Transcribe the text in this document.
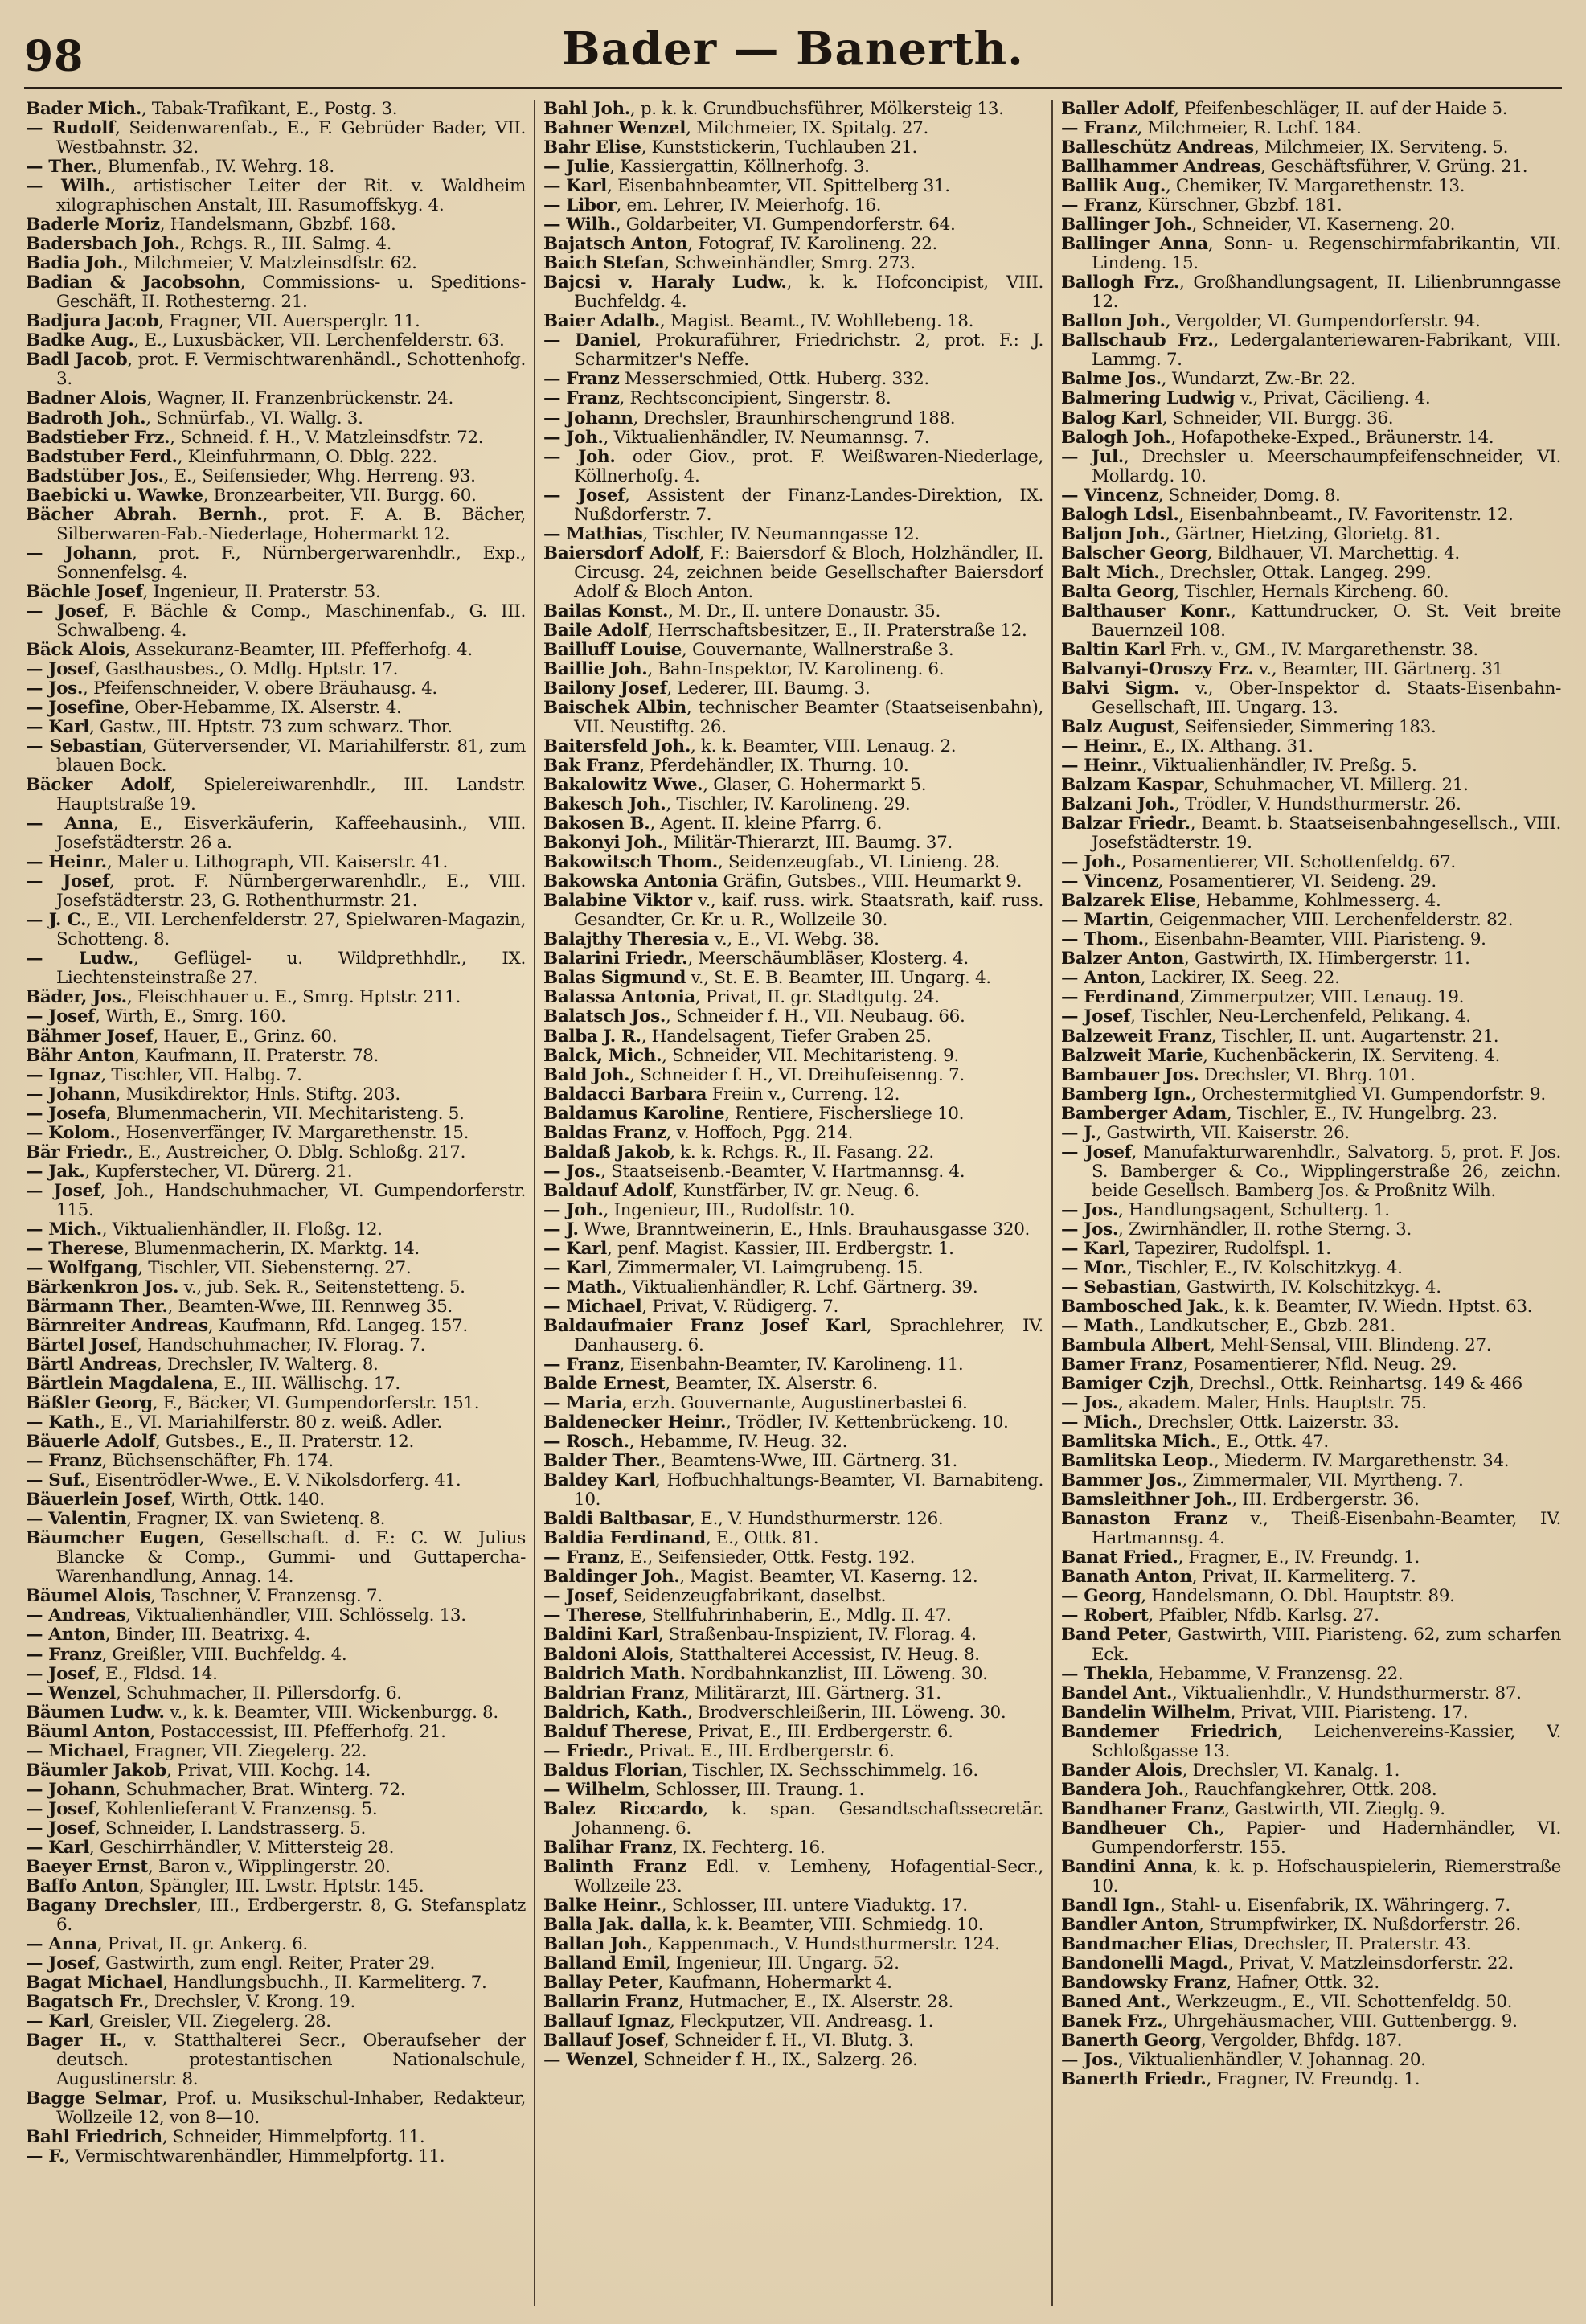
98	Bader — Banerth.

Bader Mich., Tabak-Trafikant, E., Postg. 3.

— Rudolf, Seidenwarenfab., E., F. Gebrüder Bader, VII. Westbahnstr. 32.

— Ther., Blumenfab., IV. Wehrg. 18.

— Wilh., artistischer Leiter der Rit. v. Waldheim xilographischen Anstalt, III. Rasumoffskyg. 4.

Baderle Moriz, Handelsmann, Gbzbf. 168.

Badersbach Joh., Rchgs. R., III. Salmg. 4.

Badia Joh., Milchmeier, V. Matzleinsdfstr. 62.

Badian & Jacobsohn, Commissions- u. Speditions-Geschäft, II. Rothesterng. 21.

Badjura Jacob, Fragner, VII. Auersperglr. 11.

Badke Aug., E., Luxusbäcker, VII. Lerchenfelderstr. 63.

Badl Jacob, prot. F. Vermischtwarenhändl., Schottenhofg. 3.

Badner Alois, Wagner, II. Franzenbrückenstr. 24.

Badroth Joh., Schnürfab., VI. Wallg. 3.

Badstieber Frz., Schneid. f. H., V. Matzleinsdfstr. 72.

Badstuber Ferd., Kleinfuhrmann, O. Dblg. 222.

Badstüber Jos., E., Seifensieder, Whg. Herreng. 93.

Baebicki u. Wawke, Bronzearbeiter, VII. Burgg. 60.

Bächer Abrah. Bernh., prot. F. A. B. Bächer, Silberwaren-Fab.-Niederlage, Hohermarkt 12.

— Johann, prot. F., Nürnbergerwarenhdlr., Exp., Sonnenfelsg. 4.

Bächle Josef, Ingenieur, II. Praterstr. 53.

— Josef, F. Bächle & Comp., Maschinenfab., G. III. Schwalbeng. 4.

Bäck Alois, Assekuranz-Beamter, III. Pfefferhofg. 4.

— Josef, Gasthausbes., O. Mdlg. Hptstr. 17.

— Jos., Pfeifenschneider, V. obere Bräuhausg. 4.

— Josefine, Ober-Hebamme, IX. Alserstr. 4.

— Karl, Gastw., III. Hptstr. 73 zum schwarz. Thor.

— Sebastian, Güterversender, VI. Mariahilferstr. 81, zum blauen Bock.

Bäcker Adolf, Spielereiwarenhdlr., III. Landstr. Hauptstraße 19.

— Anna, E., Eisverkäuferin, Kaffeehausinh., VIII. Josefstädterstr. 26 a.

— Heinr., Maler u. Lithograph, VII. Kaiserstr. 41.

— Josef, prot. F. Nürnbergerwarenhdlr., E., VIII. Josefstädterstr. 23, G. Rothenthurmstr. 21.

— J. C., E., VII. Lerchenfelderstr. 27, Spielwaren-Magazin, Schotteng. 8.

— Ludw., Geflügel- u. Wildprethhdlr., IX. Liechtensteinstraße 27.

Bäder, Jos., Fleischhauer u. E., Smrg. Hptstr. 211.

— Josef, Wirth, E., Smrg. 160.

Bähmer Josef, Hauer, E., Grinz. 60.

Bähr Anton, Kaufmann, II. Praterstr. 78.

— Ignaz, Tischler, VII. Halbg. 7.

— Johann, Musikdirektor, Hnls. Stiftg. 203.

— Josefa, Blumenmacherin, VII. Mechitaristeng. 5.

— Kolom., Hosenverfänger, IV. Margarethenstr. 15.

Bär Friedr., E., Austreicher, O. Dblg. Schloßg. 217.

— Jak., Kupferstecher, VI. Dürerg. 21.

— Josef, Joh., Handschuhmacher, VI. Gumpendorferstr. 115.

— Mich., Viktualienhändler, II. Floßg. 12.

— Therese, Blumenmacherin, IX. Marktg. 14.

— Wolfgang, Tischler, VII. Siebensterng. 27.

Bärkenkron Jos. v., jub. Sek. R., Seitenstetteng. 5.

Bärmann Ther., Beamten-Wwe, III. Rennweg 35.

Bärnreiter Andreas, Kaufmann, Rfd. Langeg. 157.

Bärtel Josef, Handschuhmacher, IV. Florag. 7.

Bärtl Andreas, Drechsler, IV. Walterg. 8.

Bärtlein Magdalena, E., III. Wällischg. 17.

Bäßler Georg, F., Bäcker, VI. Gumpendorferstr. 151.

— Kath., E., VI. Mariahilferstr. 80 z. weiß. Adler.

Bäuerle Adolf, Gutsbes., E., II. Praterstr. 12.

— Franz, Büchsenschäfter, Fh. 174.

— Suf., Eisentrödler-Wwe., E. V. Nikolsdorferg. 41.

Bäuerlein Josef, Wirth, Ottk. 140.

— Valentin, Fragner, IX. van Swietenq. 8.

Bäumcher Eugen, Gesellschaft. d. F.: C. W. Julius Blancke & Comp., Gummi- und Guttapercha-Warenhandlung, Annag. 14.

Bäumel Alois, Taschner, V. Franzensg. 7.

— Andreas, Viktualienhändler, VIII. Schlösselg. 13.

— Anton, Binder, III. Beatrixg. 4.

— Franz, Greißler, VIII. Buchfeldg. 4.

— Josef, E., Fldsd. 14.

— Wenzel, Schuhmacher, II. Pillersdorfg. 6.

Bäumen Ludw. v., k. k. Beamter, VIII. Wickenburgg. 8.

Bäuml Anton, Postaccessist, III. Pfefferhofg. 21.

— Michael, Fragner, VII. Ziegelerg. 22.

Bäumler Jakob, Privat, VIII. Kochg. 14.

— Johann, Schuhmacher, Brat. Winterg. 72.

— Josef, Kohlenlieferant V. Franzensg. 5.

— Josef, Schneider, I. Landstrasserg. 5.

— Karl, Geschirrhändler, V. Mittersteig 28.

Baeyer Ernst, Baron v., Wipplingerstr. 20.

Baffo Anton, Spängler, III. Lwstr. Hptstr. 145.

Bagany Drechsler, III., Erdbergerstr. 8, G. Stefansplatz 6.

— Anna, Privat, II. gr. Ankerg. 6.

— Josef, Gastwirth, zum engl. Reiter, Prater 29.

Bagat Michael, Handlungsbuchh., II. Karmeliterg. 7.

Bagatsch Fr., Drechsler, V. Krong. 19.

— Karl, Greisler, VII. Ziegelerg. 28.

Bager H., v. Statthalterei Secr., Oberaufseher der deutsch. protestantischen Nationalschule, Augustinerstr. 8.

Bagge Selmar, Prof. u. Musikschul-Inhaber, Redakteur, Wollzeile 12, von 8—10.

Bahl Friedrich, Schneider, Himmelpfortg. 11.

— F., Vermischtwarenhändler, Himmelpfortg. 11.

Bahl Joh., p. k. k. Grundbuchsführer, Mölkersteig 13.

Bahner Wenzel, Milchmeier, IX. Spitalg. 27.

Bahr Elise, Kunststickerin, Tuchlauben 21.

— Julie, Kassiergattin, Köllnerhofg. 3.

— Karl, Eisenbahnbeamter, VII. Spittelberg 31.

— Libor, em. Lehrer, IV. Meierhofg. 16.

— Wilh., Goldarbeiter, VI. Gumpendorferstr. 64.

Bajatsch Anton, Fotograf, IV. Karolineng. 22.

Baich Stefan, Schweinhändler, Smrg. 273.

Bajcsi v. Haraly Ludw., k. k. Hofconcipist, VIII. Buchfeldg. 4.

Baier Adalb., Magist. Beamt., IV. Wohllebeng. 18.

— Daniel, Prokuraführer, Friedrichstr. 2, prot. F.: J. Scharmitzer's Neffe.

— Franz Messerschmied, Ottk. Huberg. 332.

— Franz, Rechtsconcipient, Singerstr. 8.

— Johann, Drechsler, Braunhirschengrund 188.

— Joh., Viktualienhändler, IV. Neumannsg. 7.

— Joh. oder Giov., prot. F. Weißwaren-Niederlage, Köllnerhofg. 4.

— Josef, Assistent der Finanz-Landes-Direktion, IX. Nußdorferstr. 7.

— Mathias, Tischler, IV. Neumanngasse 12.

Baiersdorf Adolf, F.: Baiersdorf & Bloch, Holzhändler, II. Circusg. 24, zeichnen beide Gesellschafter Baiersdorf Adolf & Bloch Anton.

Bailas Konst., M. Dr., II. untere Donaustr. 35.

Baile Adolf, Herrschaftsbesitzer, E., II. Praterstraße 12.

Bailluff Louise, Gouvernante, Wallnerstraße 3.

Baillie Joh., Bahn-Inspektor, IV. Karolineng. 6.

Bailony Josef, Lederer, III. Baumg. 3.

Baischek Albin, technischer Beamter (Staatseisenbahn), VII. Neustiftg. 26.

Baitersfeld Joh., k. k. Beamter, VIII. Lenaug. 2.

Bak Franz, Pferdehändler, IX. Thurng. 10.

Bakalowitz Wwe., Glaser, G. Hohermarkt 5.

Bakesch Joh., Tischler, IV. Karolineng. 29.

Bakosen B., Agent. II. kleine Pfarrg. 6.

Bakonyi Joh., Militär-Thierarzt, III. Baumg. 37.

Bakowitsch Thom., Seidenzeugfab., VI. Linieng. 28.

Bakowska Antonia Gräfin, Gutsbes., VIII. Heumarkt 9.

Balabine Viktor v., kaif. russ. wirk. Staatsrath, kaif. russ. Gesandter, Gr. Kr. u. R., Wollzeile 30.

Balajthy Theresia v., E., VI. Webg. 38.

Balarini Friedr., Meerschäumbläser, Klosterg. 4.

Balas Sigmund v., St. E. B. Beamter, III. Ungarg. 4.

Balassa Antonia, Privat, II. gr. Stadtgutg. 24.

Balatsch Jos., Schneider f. H., VII. Neubaug. 66.

Balba J. R., Handelsagent, Tiefer Graben 25.

Balck, Mich., Schneider, VII. Mechitaristeng. 9.

Bald Joh., Schneider f. H., VI. Dreihufeisenng. 7.

Baldacci Barbara Freiin v., Curreng. 12.

Baldamus Karoline, Rentiere, Fischersliege 10.

Baldas Franz, v. Hoffoch, Pgg. 214.

Baldaß Jakob, k. k. Rchgs. R., II. Fasang. 22.

— Jos., Staatseisenb.-Beamter, V. Hartmannsg. 4.

Baldauf Adolf, Kunstfärber, IV. gr. Neug. 6.

— Joh., Ingenieur, III., Rudolfstr. 10.

— J. Wwe, Branntweinerin, E., Hnls. Brauhausgasse 320.

— Karl, penf. Magist. Kassier, III. Erdbergstr. 1.

— Karl, Zimmermaler, VI. Laimgrubeng. 15.

— Math., Viktualienhändler, R. Lchf. Gärtnerg. 39.

— Michael, Privat, V. Rüdigerg. 7.

Baldaufmaier Franz Josef Karl, Sprachlehrer, IV. Danhauserg. 6.

— Franz, Eisenbahn-Beamter, IV. Karolineng. 11.

Balde Ernest, Beamter, IX. Alserstr. 6.

— Maria, erzh. Gouvernante, Augustinerbastei 6.

Baldenecker Heinr., Trödler, IV. Kettenbrückeng. 10.

— Rosch., Hebamme, IV. Heug. 32.

Balder Ther., Beamtens-Wwe, III. Gärtnerg. 31.

Baldey Karl, Hofbuchhaltungs-Beamter, VI. Barnabiteng. 10.

Baldi Baltbasar, E., V. Hundsthurmerstr. 126.

Baldia Ferdinand, E., Ottk. 81.

— Franz, E., Seifensieder, Ottk. Festg. 192.

Baldinger Joh., Magist. Beamter, VI. Kaserng. 12.

— Josef, Seidenzeugfabrikant, daselbst.

— Therese, Stellfuhrinhaberin, E., Mdlg. II. 47.

Baldini Karl, Straßenbau-Inspizient, IV. Florag. 4.

Baldoni Alois, Statthalterei Accessist, IV. Heug. 8.

Baldrich Math. Nordbahnkanzlist, III. Löweng. 30.

Baldrian Franz, Militärarzt, III. Gärtnerg. 31.

Baldrich, Kath., Brodverschleißerin, III. Löweng. 30.

Balduf Therese, Privat, E., III. Erdbergerstr. 6.

— Friedr., Privat. E., III. Erdbergerstr. 6.

Baldus Florian, Tischler, IX. Sechsschimmelg. 16.

— Wilhelm, Schlosser, III. Traung. 1.

Balez Riccardo, k. span. Gesandtschaftssecretär. Johanneng. 6.

Balihar Franz, IX. Fechterg. 16.

Balinth Franz Edl. v. Lemheny, Hofagential-Secr., Wollzeile 23.

Balke Heinr., Schlosser, III. untere Viaduktg. 17.

Balla Jak. dalla, k. k. Beamter, VIII. Schmiedg. 10.

Ballan Joh., Kappenmach., V. Hundsthurmerstr. 124.

Balland Emil, Ingenieur, III. Ungarg. 52.

Ballay Peter, Kaufmann, Hohermarkt 4.

Ballarin Franz, Hutmacher, E., IX. Alserstr. 28.

Ballauf Ignaz, Fleckputzer, VII. Andreasg. 1.

Ballauf Josef, Schneider f. H., VI. Blutg. 3.

— Wenzel, Schneider f. H., IX., Salzerg. 26.

Baller Adolf, Pfeifenbeschläger, II. auf der Haide 5.

— Franz, Milchmeier, R. Lchf. 184.

Balleschütz Andreas, Milchmeier, IX. Serviteng. 5.

Ballhammer Andreas, Geschäftsführer, V. Grüng. 21.

Ballik Aug., Chemiker, IV. Margarethenstr. 13.

— Franz, Kürschner, Gbzbf. 181.

Ballinger Joh., Schneider, VI. Kaserneng. 20.

Ballinger Anna, Sonn- u. Regenschirmfabrikantin, VII. Lindeng. 15.

Ballogh Frz., Großhandlungsagent, II. Lilienbrunngasse 12.

Ballon Joh., Vergolder, VI. Gumpendorferstr. 94.

Ballschaub Frz., Ledergalanteriewaren-Fabrikant, VIII. Lammg. 7.

Balme Jos., Wundarzt, Zw.-Br. 22.

Balmering Ludwig v., Privat, Cäcilieng. 4.

Balog Karl, Schneider, VII. Burgg. 36.

Balogh Joh., Hofapotheke-Exped., Bräunerstr. 14.

— Jul., Drechsler u. Meerschaumpfeifenschneider, VI. Mollardg. 10.

— Vincenz, Schneider, Domg. 8.

Balogh Ldsl., Eisenbahnbeamt., IV. Favoritenstr. 12.

Baljon Joh., Gärtner, Hietzing, Glorietg. 81.

Balscher Georg, Bildhauer, VI. Marchettig. 4.

Balt Mich., Drechsler, Ottak. Langeg. 299.

Balta Georg, Tischler, Hernals Kircheng. 60.

Balthauser Konr., Kattundrucker, O. St. Veit breite Bauernzeil 108.

Baltin Karl Frh. v., GM., IV. Margarethenstr. 38.

Balvanyi-Oroszy Frz. v., Beamter, III. Gärtnerg. 31

Balvi Sigm. v., Ober-Inspektor d. Staats-Eisenbahn-Gesellschaft, III. Ungarg. 13.

Balz August, Seifensieder, Simmering 183.

— Heinr., E., IX. Althang. 31.

— Heinr., Viktualienhändler, IV. Preßg. 5.

Balzam Kaspar, Schuhmacher, VI. Millerg. 21.

Balzani Joh., Trödler, V. Hundsthurmerstr. 26.

Balzar Friedr., Beamt. b. Staatseisenbahngesellsch., VIII. Josefstädterstr. 19.

— Joh., Posamentierer, VII. Schottenfeldg. 67.

— Vincenz, Posamentierer, VI. Seideng. 29.

Balzarek Elise, Hebamme, Kohlmesserg. 4.

— Martin, Geigenmacher, VIII. Lerchenfelderstr. 82.

— Thom., Eisenbahn-Beamter, VIII. Piaristeng. 9.

Balzer Anton, Gastwirth, IX. Himbergerstr. 11.

— Anton, Lackirer, IX. Seeg. 22.

— Ferdinand, Zimmerputzer, VIII. Lenaug. 19.

— Josef, Tischler, Neu-Lerchenfeld, Pelikang. 4.

Balzeweit Franz, Tischler, II. unt. Augartenstr. 21.

Balzweit Marie, Kuchenbäckerin, IX. Serviteng. 4.

Bambauer Jos. Drechsler, VI. Bhrg. 101.

Bamberg Ign., Orchestermitglied VI. Gumpendorfstr. 9.

Bamberger Adam, Tischler, E., IV. Hungelbrg. 23.

— J., Gastwirth, VII. Kaiserstr. 26.

— Josef, Manufakturwarenhdlr., Salvatorg. 5, prot. F. Jos. S. Bamberger & Co., Wipplingerstraße 26, zeichn. beide Gesellsch. Bamberg Jos. & Proßnitz Wilh.

— Jos., Handlungsagent, Schulterg. 1.

— Jos., Zwirnhändler, II. rothe Sterng. 3.

— Karl, Tapezirer, Rudolfspl. 1.

— Mor., Tischler, E., IV. Kolschitzkyg. 4.

— Sebastian, Gastwirth, IV. Kolschitzkyg. 4.

Bambosched Jak., k. k. Beamter, IV. Wiedn. Hptst. 63.

— Math., Landkutscher, E., Gbzb. 281.

Bambula Albert, Mehl-Sensal, VIII. Blindeng. 27.

Bamer Franz, Posamentierer, Nfld. Neug. 29.

Bamiger Czjh, Drechsl., Ottk. Reinhartsg. 149 & 466

— Jos., akadem. Maler, Hnls. Hauptstr. 75.

— Mich., Drechsler, Ottk. Laizerstr. 33.

Bamlitska Mich., E., Ottk. 47.

Bamlitska Leop., Miederm. IV. Margarethenstr. 34.

Bammer Jos., Zimmermaler, VII. Myrtheng. 7.

Bamsleithner Joh., III. Erdbergerstr. 36.

Banaston Franz v., Theiß-Eisenbahn-Beamter, IV. Hartmannsg. 4.

Banat Fried., Fragner, E., IV. Freundg. 1.

Banath Anton, Privat, II. Karmeliterg. 7.

— Georg, Handelsmann, O. Dbl. Hauptstr. 89.

— Robert, Pfaibler, Nfdb. Karlsg. 27.

Band Peter, Gastwirth, VIII. Piaristeng. 62, zum scharfen Eck.

— Thekla, Hebamme, V. Franzensg. 22.

Bandel Ant., Viktualienhdlr., V. Hundsthurmerstr. 87.

Bandelin Wilhelm, Privat, VIII. Piaristeng. 17.

Bandemer Friedrich, Leichenvereins-Kassier, V. Schloßgasse 13.

Bander Alois, Drechsler, VI. Kanalg. 1.

Bandera Joh., Rauchfangkehrer, Ottk. 208.

Bandhaner Franz, Gastwirth, VII. Zieglg. 9.

Bandheuer Ch., Papier- und Hadernhändler, VI. Gumpendorferstr. 155.

Bandini Anna, k. k. p. Hofschauspielerin, Riemerstraße 10.

Bandl Ign., Stahl- u. Eisenfabrik, IX. Währingerg. 7.

Bandler Anton, Strumpfwirker, IX. Nußdorferstr. 26.

Bandmacher Elias, Drechsler, II. Praterstr. 43.

Bandonelli Magd., Privat, V. Matzleinsdorferstr. 22.

Bandowsky Franz, Hafner, Ottk. 32.

Baned Ant., Werkzeugm., E., VII. Schottenfeldg. 50.

Banek Frz., Uhrgehäusmacher, VIII. Guttenbergg. 9.

Banerth Georg, Vergolder, Bhfdg. 187.

— Jos., Viktualienhändler, V. Johannag. 20.

Banerth Friedr., Fragner, IV. Freundg. 1.
